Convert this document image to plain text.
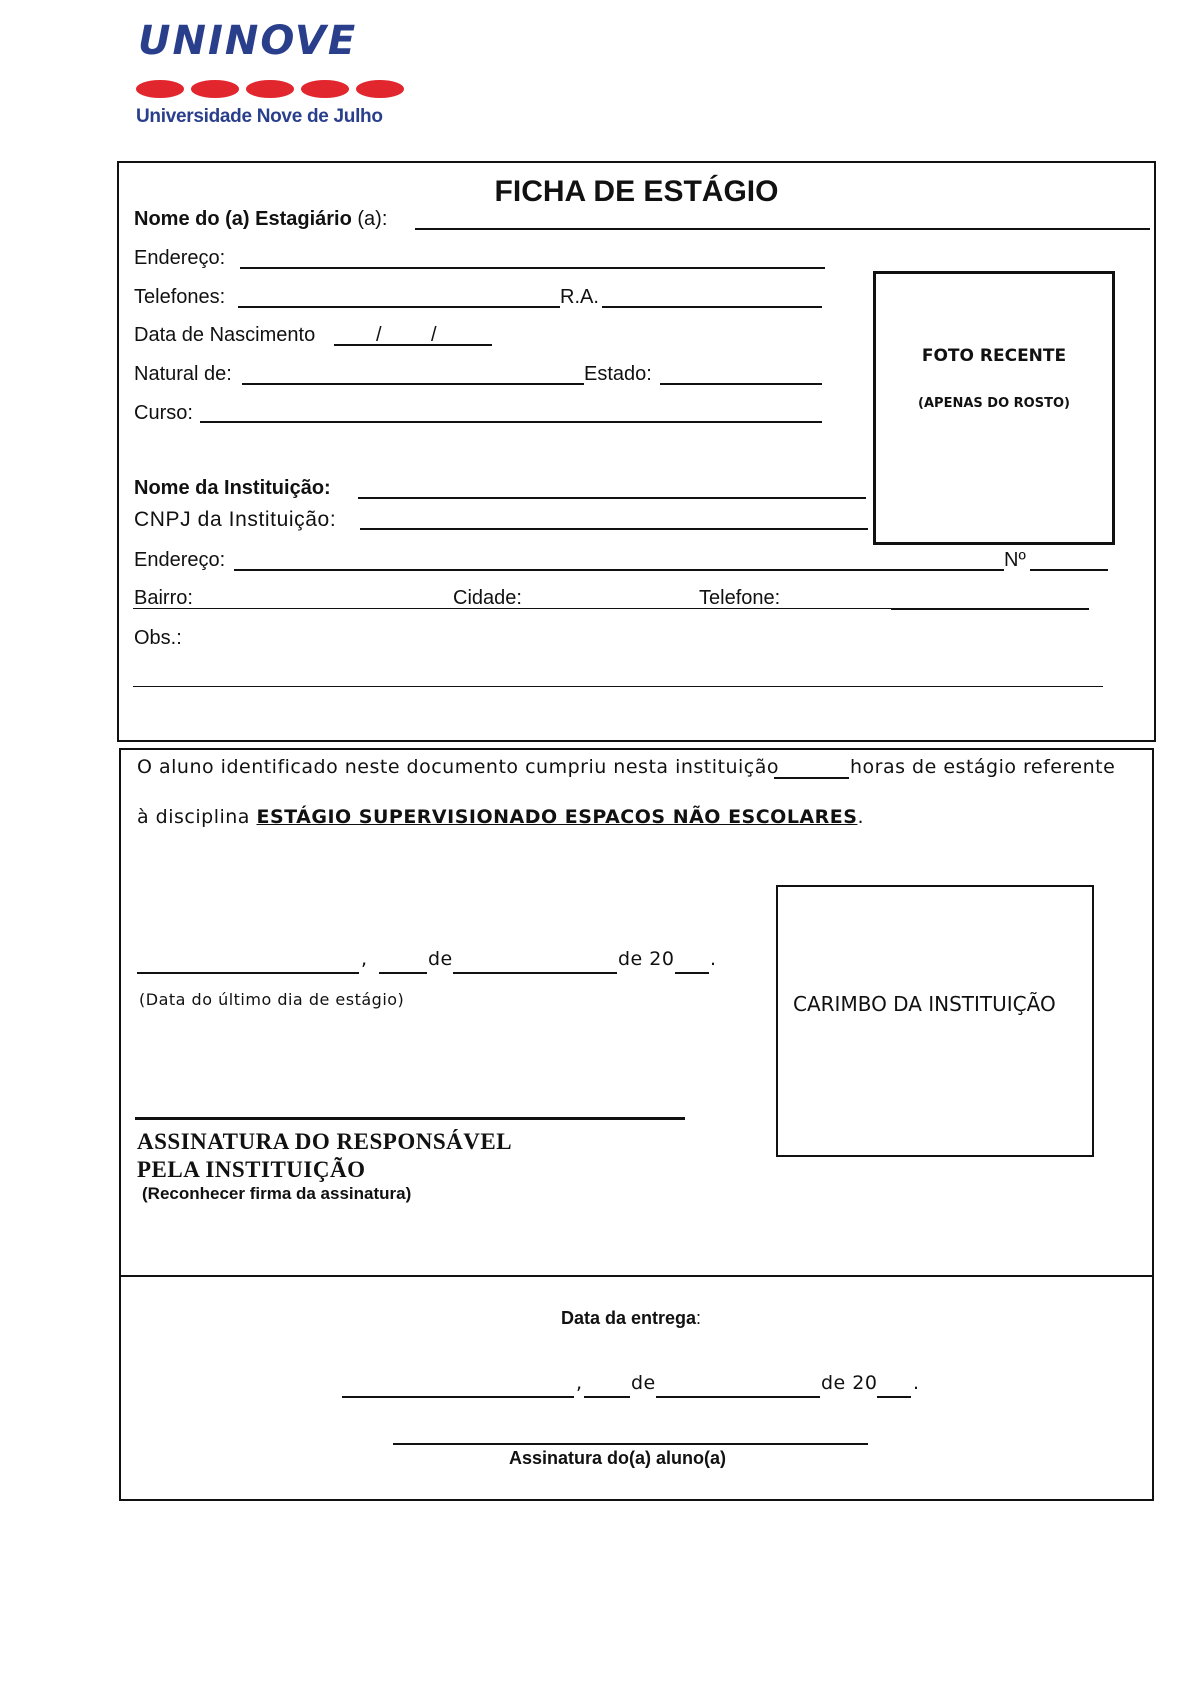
UNINOVE
Universidade Nove de Julho
FICHA DE ESTÁGIO
Nome do (a) Estagiário (a):
Endereço:
Telefones:	R.A.
Data de Nascimento	/ /
Natural de:	Estado:
Curso:
FOTO RECENTE
(APENAS DO ROSTO)
Nome da Instituição:
CNPJ da Instituição:
Endereço:	Nº
Bairro:	Cidade:	Telefone:
Obs.:
O aluno identificado neste documento cumpriu nesta instituição	horas de estágio referente
à disciplina ESTÁGIO SUPERVISIONADO ESPACOS NÃO ESCOLARES.
,	de	de 20 .
(Data do último dia de estágio)	CARIMBO DA INSTITUIÇÃO
ASSINATURA DO RESPONSÁVEL
PELA INSTITUIÇÃO
(Reconhecer firma da assinatura)
Data da entrega:
,	de	de 20 .
Assinatura do(a) aluno(a)
